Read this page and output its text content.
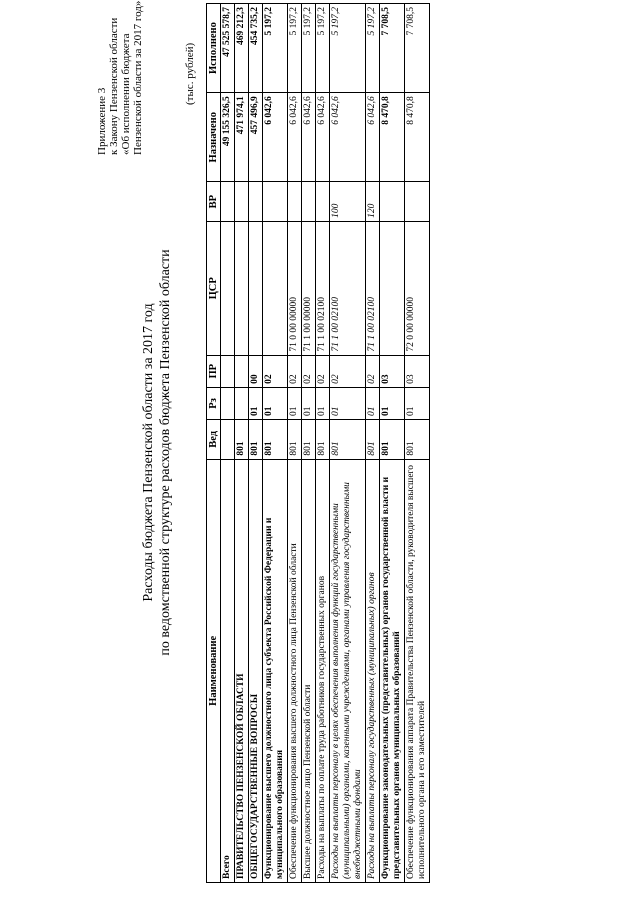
Приложение 3 к Закону Пензенской области «Об исполнении бюджета Пензенской области за 2017 год»
Расходы бюджета Пензенской области за 2017 год по ведомственной структуре расходов бюджета Пензенской области
(тыс. рублей)
Наименование	Вед	Рз	ПР	ЦСР	ВР	Назначено	Исполнено
Всего						49 155 326,5	47 525 578,7
ПРАВИТЕЛЬСТВО ПЕНЗЕНСКОЙ ОБЛАСТИ	801					471 974,1	469 212,3
ОБЩЕГОСУДАРСТВЕННЫЕ ВОПРОСЫ	801	01	00			457 496,9	454 735,2
Функционирование высшего должностного лица субъекта Российской Федерации и муниципального образования	801	01	02			6 042,6	5 197,2
Обеспечение функционирования высшего должностного лица Пензенской области	801	01	02	71 0 00 00000		6 042,6	5 197,2
Высшее должностное лицо Пензенской области	801	01	02	71 1 00 00000		6 042,6	5 197,2
Расходы на выплаты по оплате труда работников государственных органов	801	01	02	71 1 00 02100		6 042,6	5 197,2
Расходы на выплаты персоналу в целях обеспечения выполнения функций государственными (муниципальными) органами, казенными учреждениями, органами управления государственными внебюджетными фондами	801	01	02	71 1 00 02100	100	6 042,6	5 197,2
Расходы на выплаты персоналу государственных (муниципальных) органов	801	01	02	71 1 00 02100	120	6 042,6	5 197,2
Функционирование законодательных (представительных) органов государственной власти и представительных органов муниципальных образований	801	01	03			8 470,8	7 708,5
Обеспечение функционирования аппарата Правительства Пензенской области, руководителя высшего исполнительного органа и его заместителей	801	01	03	72 0 00 00000		8 470,8	7 708,5
